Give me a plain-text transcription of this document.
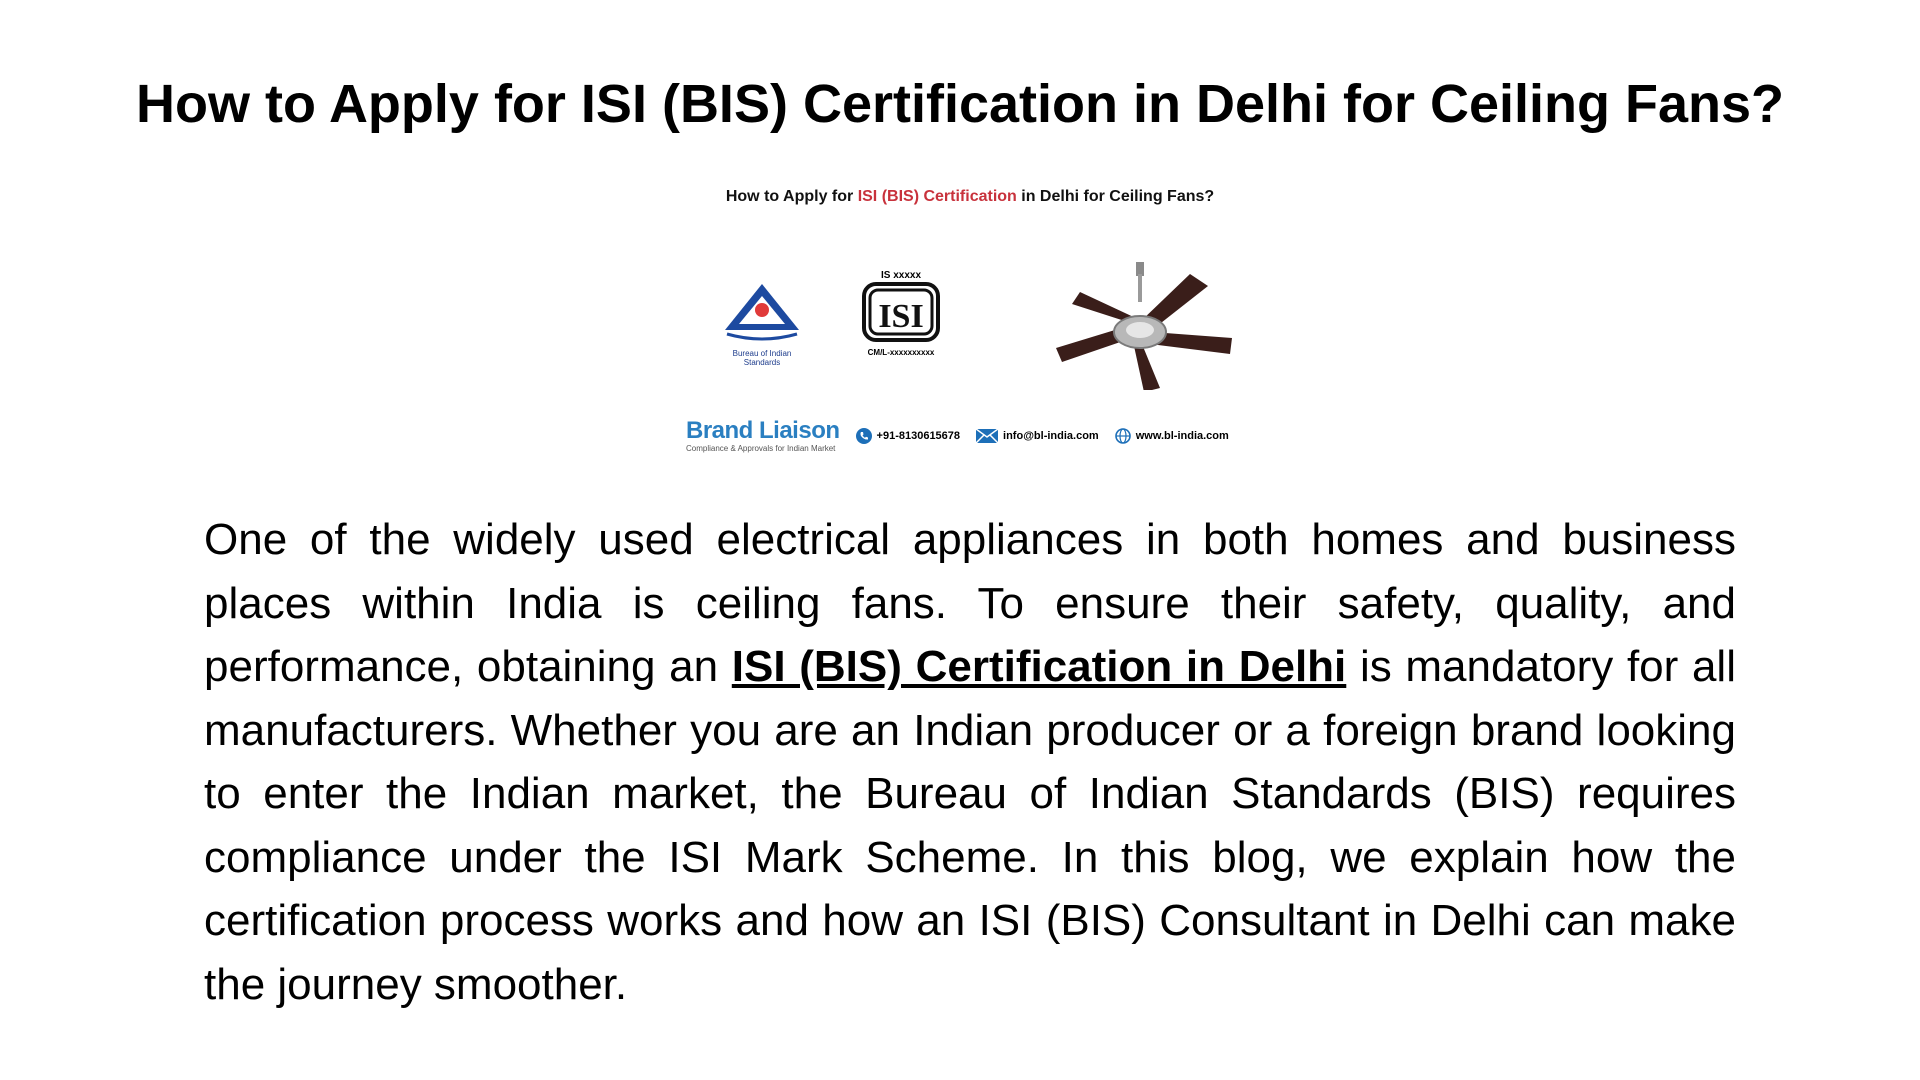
How to Apply for ISI (BIS) Certification in Delhi for Ceiling Fans?
How to Apply for ISI (BIS) Certification in Delhi for Ceiling Fans?
Bureau of Indian Standards
IS xxxxx
ISI
CM/L-xxxxxxxxxx
Brand Liaison
Compliance & Approvals for Indian Market
+91-8130615678	info@bl-india.com	www.bl-india.com

One of the widely used electrical appliances in both homes and business places within India is ceiling fans. To ensure their safety, quality, and performance, obtaining an ISI (BIS) Certification in Delhi is mandatory for all manufacturers. Whether you are an Indian producer or a foreign brand looking to enter the Indian market, the Bureau of Indian Standards (BIS) requires compliance under the ISI Mark Scheme. In this blog, we explain how the certification process works and how an ISI (BIS) Consultant in Delhi can make the journey smoother.
